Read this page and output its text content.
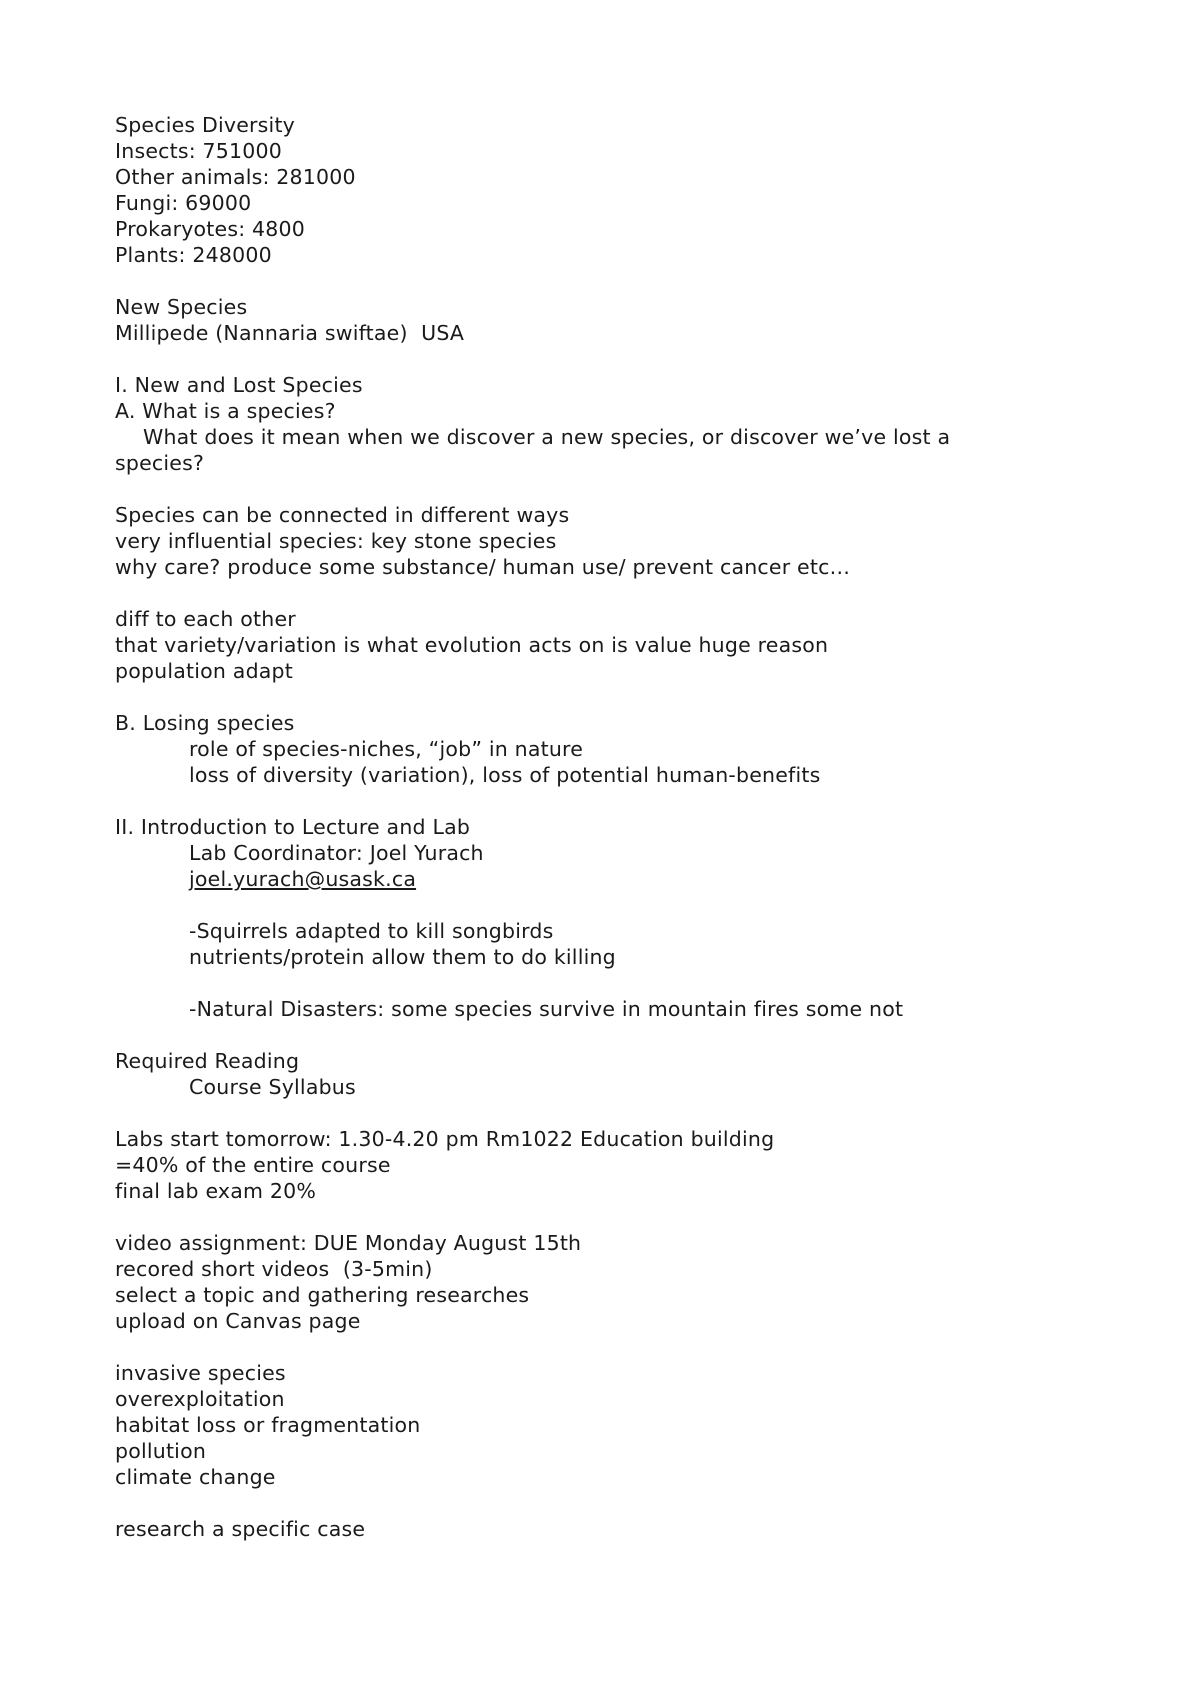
Species Diversity
Insects: 751000
Other animals: 281000
Fungi: 69000
Prokaryotes: 4800
Plants: 248000
New Species
Millipede (Nannaria swiftae)  USA
I. New and Lost Species
A. What is a species?
What does it mean when we discover a new species, or discover we’ve lost a
species?
Species can be connected in different ways
very influential species: key stone species
why care? produce some substance/ human use/ prevent cancer etc…
diff to each other
that variety/variation is what evolution acts on is value huge reason
population adapt
B. Losing species
role of species-niches, “job” in nature
loss of diversity (variation), loss of potential human-benefits
II. Introduction to Lecture and Lab
Lab Coordinator: Joel Yurach
joel.yurach@usask.ca
-Squirrels adapted to kill songbirds
nutrients/protein allow them to do killing
-Natural Disasters: some species survive in mountain fires some not
Required Reading
Course Syllabus
Labs start tomorrow: 1.30-4.20 pm Rm1022 Education building
=40% of the entire course
final lab exam 20%
video assignment: DUE Monday August 15th
recored short videos  (3-5min)
select a topic and gathering researches
upload on Canvas page
invasive species
overexploitation
habitat loss or fragmentation
pollution
climate change
research a specific case
